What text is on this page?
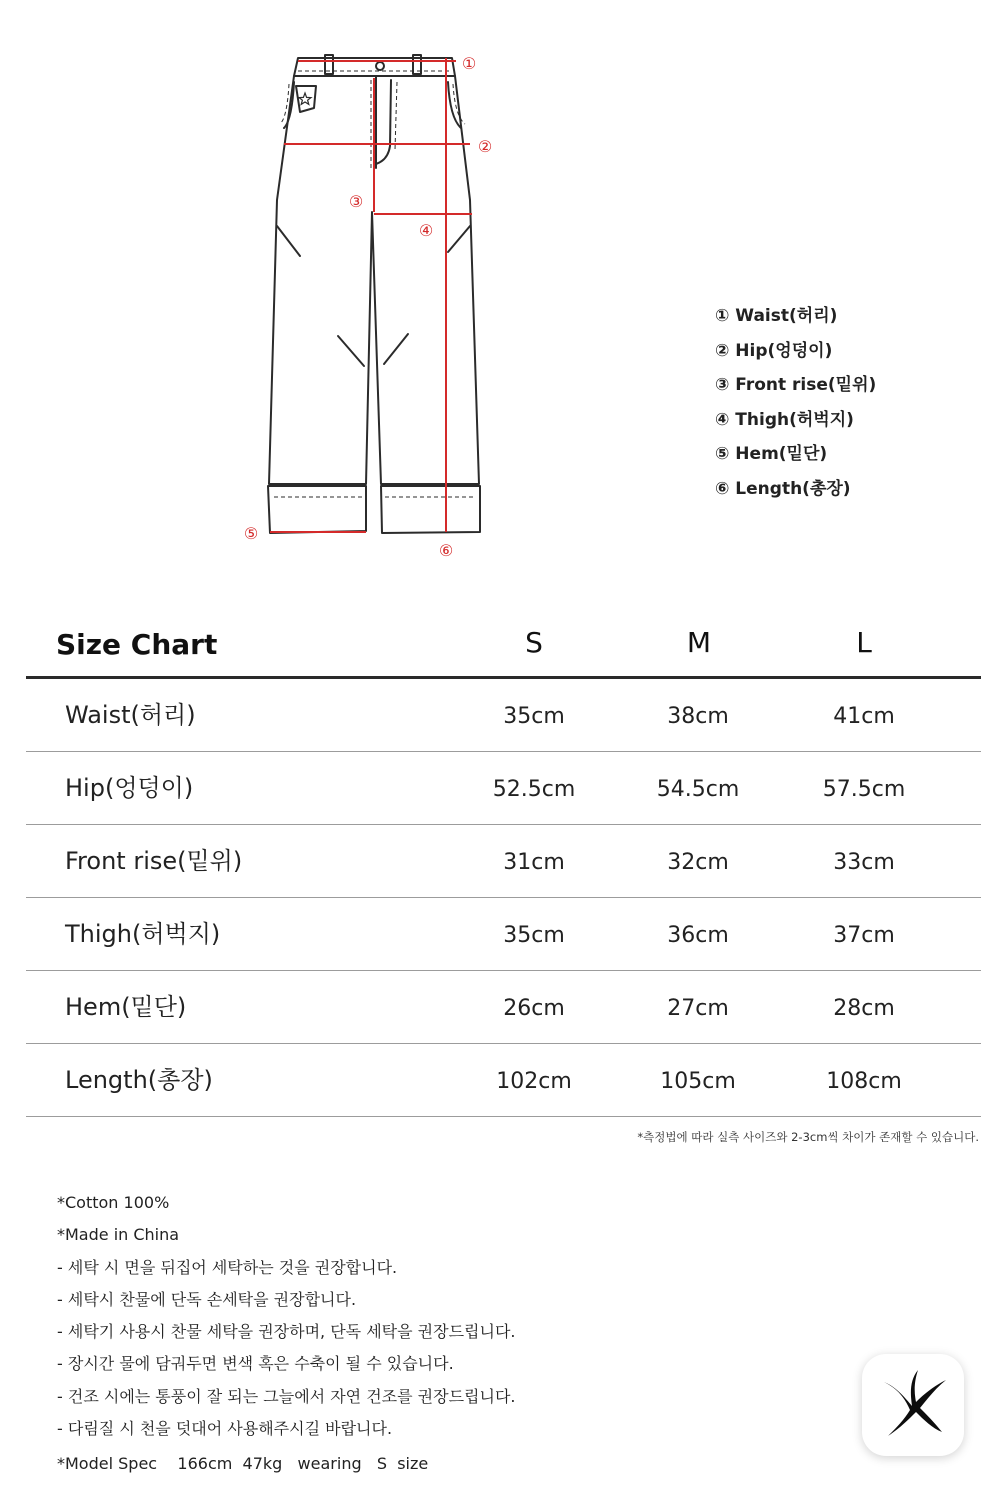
①
②
③
④
⑤
⑥
① Waist(허리)
② Hip(엉덩이)
③ Front rise(밑위)
④ Thigh(허벅지)
⑤ Hem(밑단)
⑥ Length(총장)
Size Chart	S	M	L
Waist(허리)	35cm	38cm	41cm
Hip(엉덩이)	52.5cm	54.5cm	57.5cm
Front rise(밑위)	31cm	32cm	33cm
Thigh(허벅지)	35cm	36cm	37cm
Hem(밑단)	26cm	27cm	28cm
Length(총장)	102cm	105cm	108cm
*측정법에 따라 실측 사이즈와 2-3cm씩 차이가 존재할 수 있습니다.
*Cotton 100%
*Made in China
- 세탁 시 면을 뒤집어 세탁하는 것을 권장합니다.
- 세탁시 찬물에 단독 손세탁을 권장합니다.
- 세탁기 사용시 찬물 세탁을 권장하며, 단독 세탁을 권장드립니다.
- 장시간 물에 담궈두면 변색 혹은 수축이 될 수 있습니다.
- 건조 시에는 통풍이 잘 되는 그늘에서 자연 건조를 권장드립니다.
- 다림질 시 천을 덧대어 사용해주시길 바랍니다.
*Model Spec    166cm  47kg   wearing   S  size
